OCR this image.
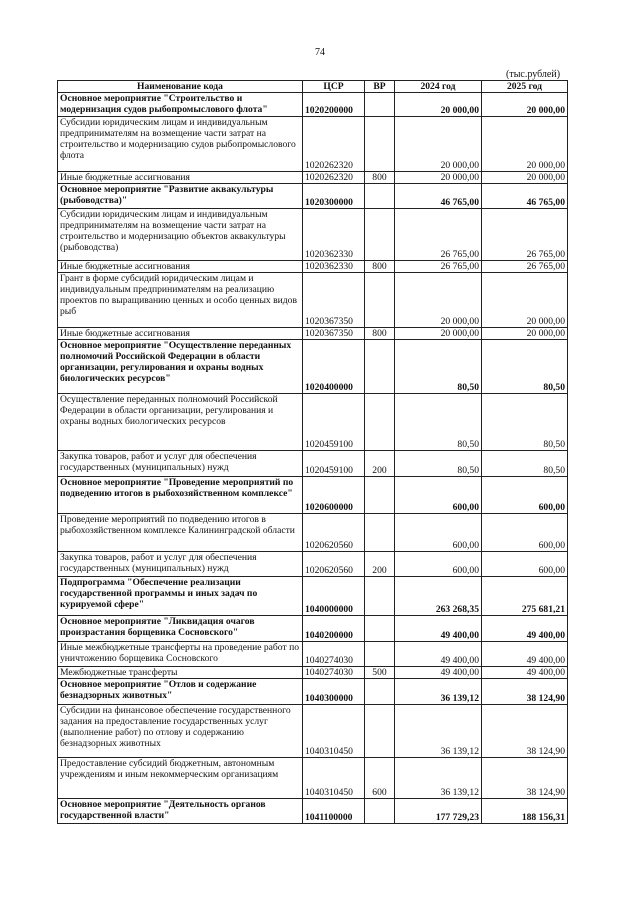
74
(тыс.рублей)
Наименование кода	ЦСР	ВР	2024 год	2025 год
Основное мероприятие "Строительство и модернизация судов рыбопромыслового флота"	1020200000		20 000,00	20 000,00
Субсидии юридическим лицам и индивидуальным предпринимателям на возмещение части затрат на строительство и модернизацию судов рыбопромыслового флота	1020262320		20 000,00	20 000,00
Иные бюджетные ассигнования	1020262320	800	20 000,00	20 000,00
Основное мероприятие "Развитие аквакультуры (рыбоводства)"	1020300000		46 765,00	46 765,00
Субсидии юридическим лицам и индивидуальным предпринимателям на возмещение части затрат на строительство и модернизацию объектов аквакультуры (рыбоводства)	1020362330		26 765,00	26 765,00
Иные бюджетные ассигнования	1020362330	800	26 765,00	26 765,00
Грант в форме субсидий юридическим лицам и индивидуальным предпринимателям на реализацию проектов по выращиванию ценных и особо ценных видов рыб	1020367350		20 000,00	20 000,00
Иные бюджетные ассигнования	1020367350	800	20 000,00	20 000,00
Основное мероприятие "Осуществление переданных полномочий Российской Федерации в области организации, регулирования и охраны водных биологических ресурсов"	1020400000		80,50	80,50
Осуществление переданных полномочий Российской Федерации в области организации, регулирования и охраны водных биологических ресурсов	1020459100		80,50	80,50
Закупка товаров, работ и услуг для обеспечения государственных (муниципальных) нужд	1020459100	200	80,50	80,50
Основное мероприятие "Проведение мероприятий по подведению итогов в рыбохозяйственном комплексе"	1020600000		600,00	600,00
Проведение мероприятий по подведению итогов в рыбохозяйственном комплексе Калининградской области	1020620560		600,00	600,00
Закупка товаров, работ и услуг для обеспечения государственных (муниципальных) нужд	1020620560	200	600,00	600,00
Подпрограмма "Обеспечение реализации государственной программы и иных задач по курируемой сфере"	1040000000		263 268,35	275 681,21
Основное мероприятие "Ликвидация очагов произрастания борщевика Сосновского"	1040200000		49 400,00	49 400,00
Иные межбюджетные трансферты на проведение работ по уничтожению борщевика Сосновского	1040274030		49 400,00	49 400,00
Межбюджетные трансферты	1040274030	500	49 400,00	49 400,00
Основное мероприятие "Отлов и содержание безнадзорных животных"	1040300000		36 139,12	38 124,90
Субсидии на финансовое обеспечение государственного задания на предоставление государственных услуг (выполнение работ) по отлову и содержанию безнадзорных животных	1040310450		36 139,12	38 124,90
Предоставление субсидий бюджетным, автономным учреждениям и иным некоммерческим организациям	1040310450	600	36 139,12	38 124,90
Основное мероприятие "Деятельность органов государственной власти"	1041100000		177 729,23	188 156,31
